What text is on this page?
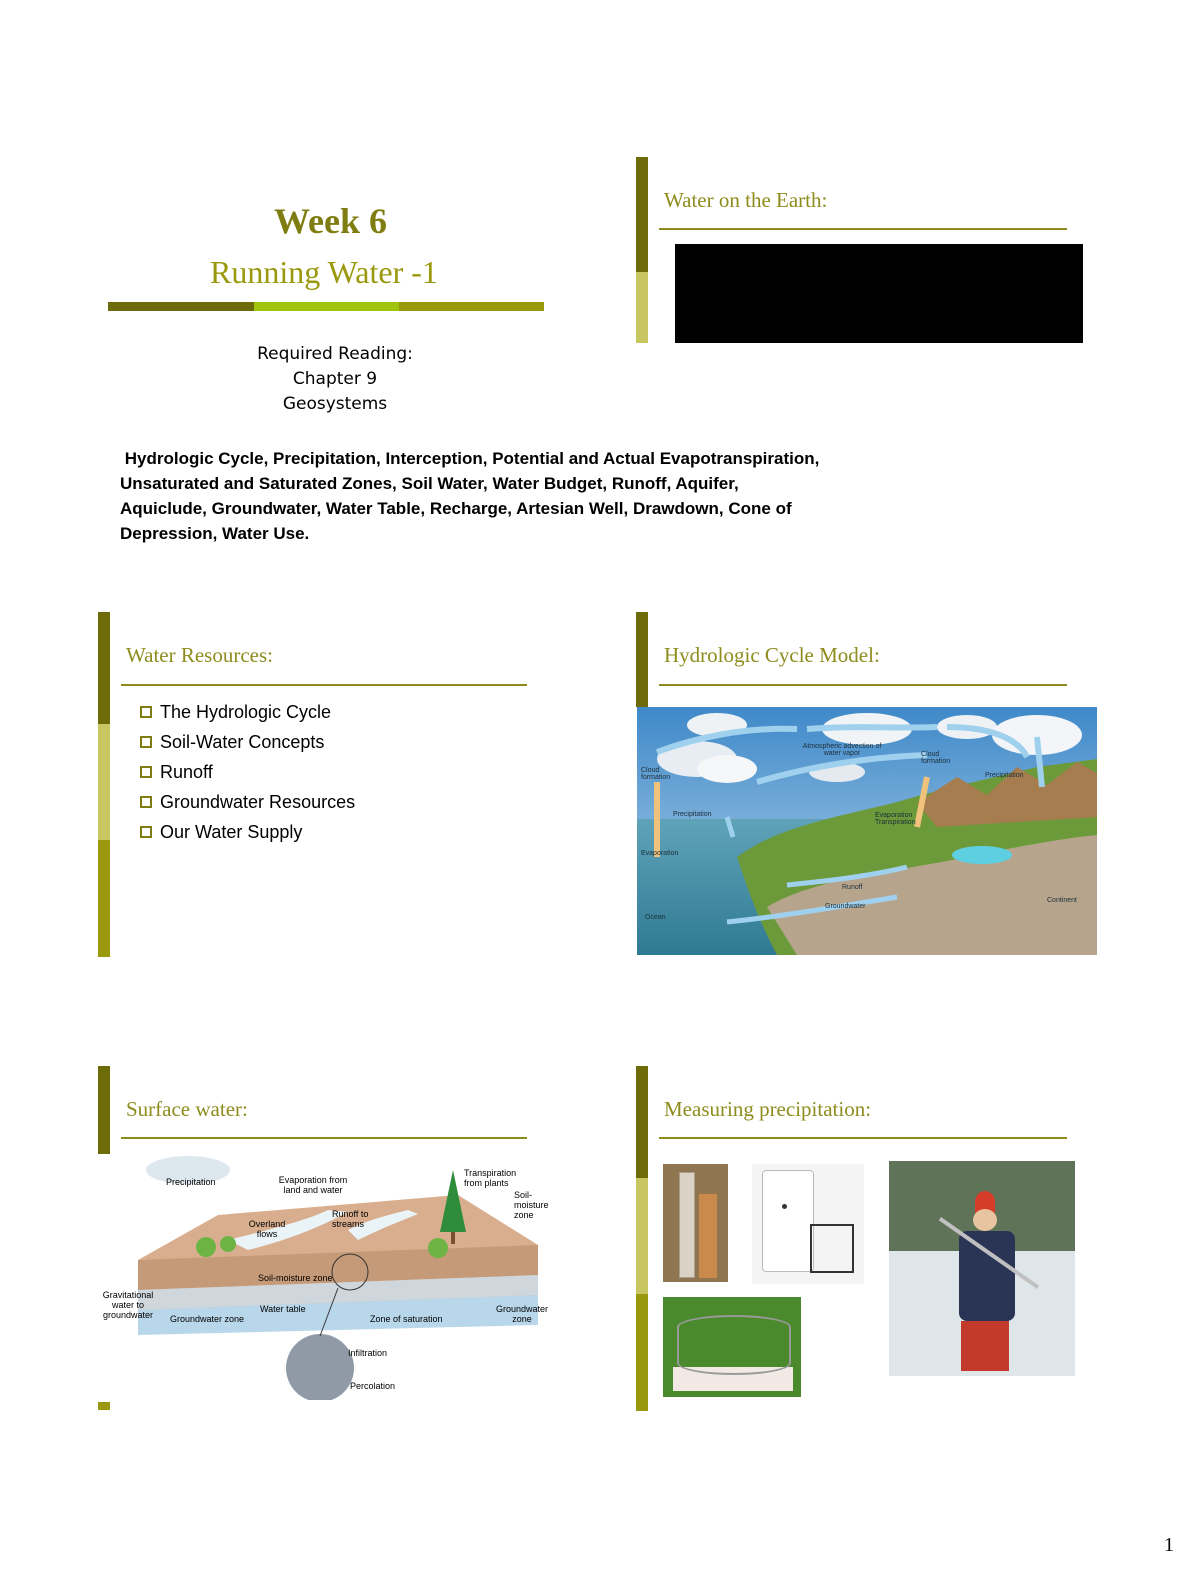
Week 6
Running Water -1
Required Reading:
Chapter 9
Geosystems
Hydrologic Cycle, Precipitation, Interception, Potential and Actual Evapotranspiration, Unsaturated and Saturated Zones, Soil Water, Water Budget, Runoff, Aquifer, Aquiclude, Groundwater, Water Table, Recharge, Artesian Well, Drawdown, Cone of Depression, Water Use.
Water on the Earth:
Water Resources:
The Hydrologic Cycle
Soil-Water Concepts
Runoff
Groundwater Resources
Our Water Supply
Hydrologic Cycle Model:
Cloud formation
Atmospheric advection of water vapor	Cloud formation
Precipitation
Precipitation
Evaporation
Evaporation Transpiration
Runoff
Groundwater
Ocean
Continent
Surface water:
Precipitation	Evaporation from land and water
Runoff to streams
Overland flows
Transpiration from plants
Soil-moisture zone
Soil-moisture zone
Gravitational water to groundwater
Water table
Groundwater zone	Zone of saturation
Groundwater zone
Infiltration
Percolation
Measuring precipitation:
1
